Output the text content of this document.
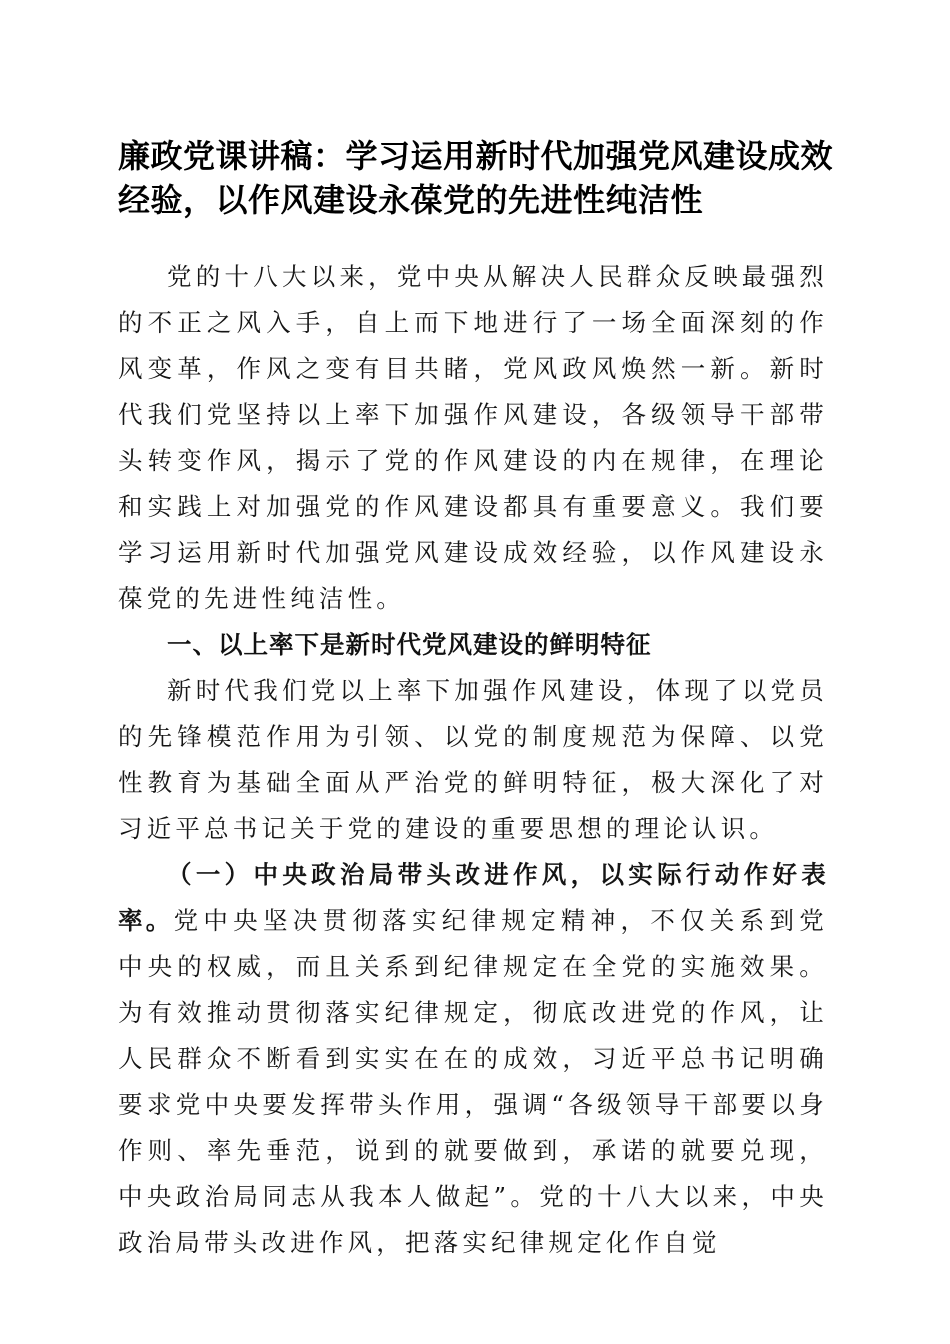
廉政党课讲稿：学习运用新时代加强党风建设成效经验，以作风建设永葆党的先进性纯洁性

党的十八大以来，党中央从解决人民群众反映最强烈的不正之风入手，自上而下地进行了一场全面深刻的作风变革，作风之变有目共睹，党风政风焕然一新。新时代我们党坚持以上率下加强作风建设，各级领导干部带头转变作风，揭示了党的作风建设的内在规律，在理论和实践上对加强党的作风建设都具有重要意义。我们要学习运用新时代加强党风建设成效经验，以作风建设永葆党的先进性纯洁性。

一、以上率下是新时代党风建设的鲜明特征

新时代我们党以上率下加强作风建设，体现了以党员的先锋模范作用为引领、以党的制度规范为保障、以党性教育为基础全面从严治党的鲜明特征，极大深化了对习近平总书记关于党的建设的重要思想的理论认识。

（一）中央政治局带头改进作风，以实际行动作好表率。党中央坚决贯彻落实纪律规定精神，不仅关系到党中央的权威，而且关系到纪律规定在全党的实施效果。为有效推动贯彻落实纪律规定，彻底改进党的作风，让人民群众不断看到实实在在的成效，习近平总书记明确要求党中央要发挥带头作用，强调“各级领导干部要以身作则、率先垂范，说到的就要做到，承诺的就要兑现，中央政治局同志从我本人做起”。党的十八大以来，中央政治局带头改进作风，把落实纪律规定化作自觉
